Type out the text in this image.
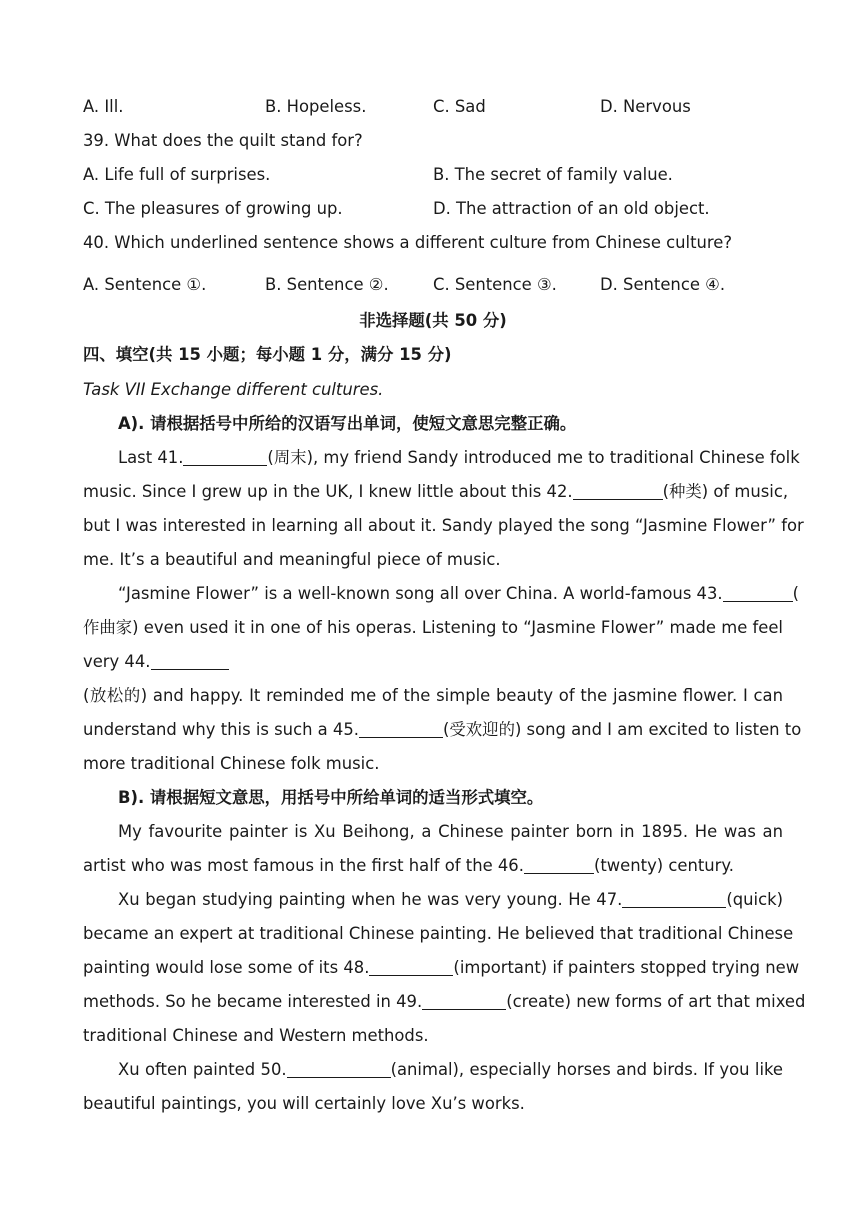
A. Ill.	B. Hopeless.	C. Sad	D. Nervous
39. What does the quilt stand for?
A. Life full of surprises.	B. The secret of family value.
C. The pleasures of growing up.	D. The attraction of an old object.
40. Which underlined sentence shows a different culture from Chinese culture?
A. Sentence ①.	B. Sentence ②.	C. Sentence ③.	D. Sentence ④.
非选择题(共 50 分)
四、填空(共 15 小题；每小题 1 分，满分 15 分)
Task VII Exchange different cultures.
A). 请根据括号中所给的汉语写出单词，使短文意思完整正确。
Last 41.	(周末), my friend Sandy introduced me to traditional Chinese folk
music. Since I grew up in the UK, I knew little about this 42.	(种类) of music,
but I was interested in learning all about it. Sandy played the song “Jasmine Flower” for
me. It’s a beautiful and meaningful piece of music.
“Jasmine Flower” is a well-known song all over China. A world-famous 43.	(
作曲家) even used it in one of his operas. Listening to “Jasmine Flower” made me feel
very 44.
(放松的) and happy. It reminded me of the simple beauty of the jasmine flower. I can
understand why this is such a 45.	(受欢迎的) song and I am excited to listen to
more traditional Chinese folk music.
B). 请根据短文意思，用括号中所给单词的适当形式填空。
My favourite painter is Xu Beihong, a Chinese painter born in 1895. He was an
artist who was most famous in the first half of the 46.	(twenty) century.
Xu began studying painting when he was very young. He 47.	(quick)
became an expert at traditional Chinese painting. He believed that traditional Chinese
painting would lose some of its 48.	(important) if painters stopped trying new
methods. So he became interested in 49.	(create) new forms of art that mixed
traditional Chinese and Western methods.
Xu often painted 50.	(animal), especially horses and birds. If you like
beautiful paintings, you will certainly love Xu’s works.
